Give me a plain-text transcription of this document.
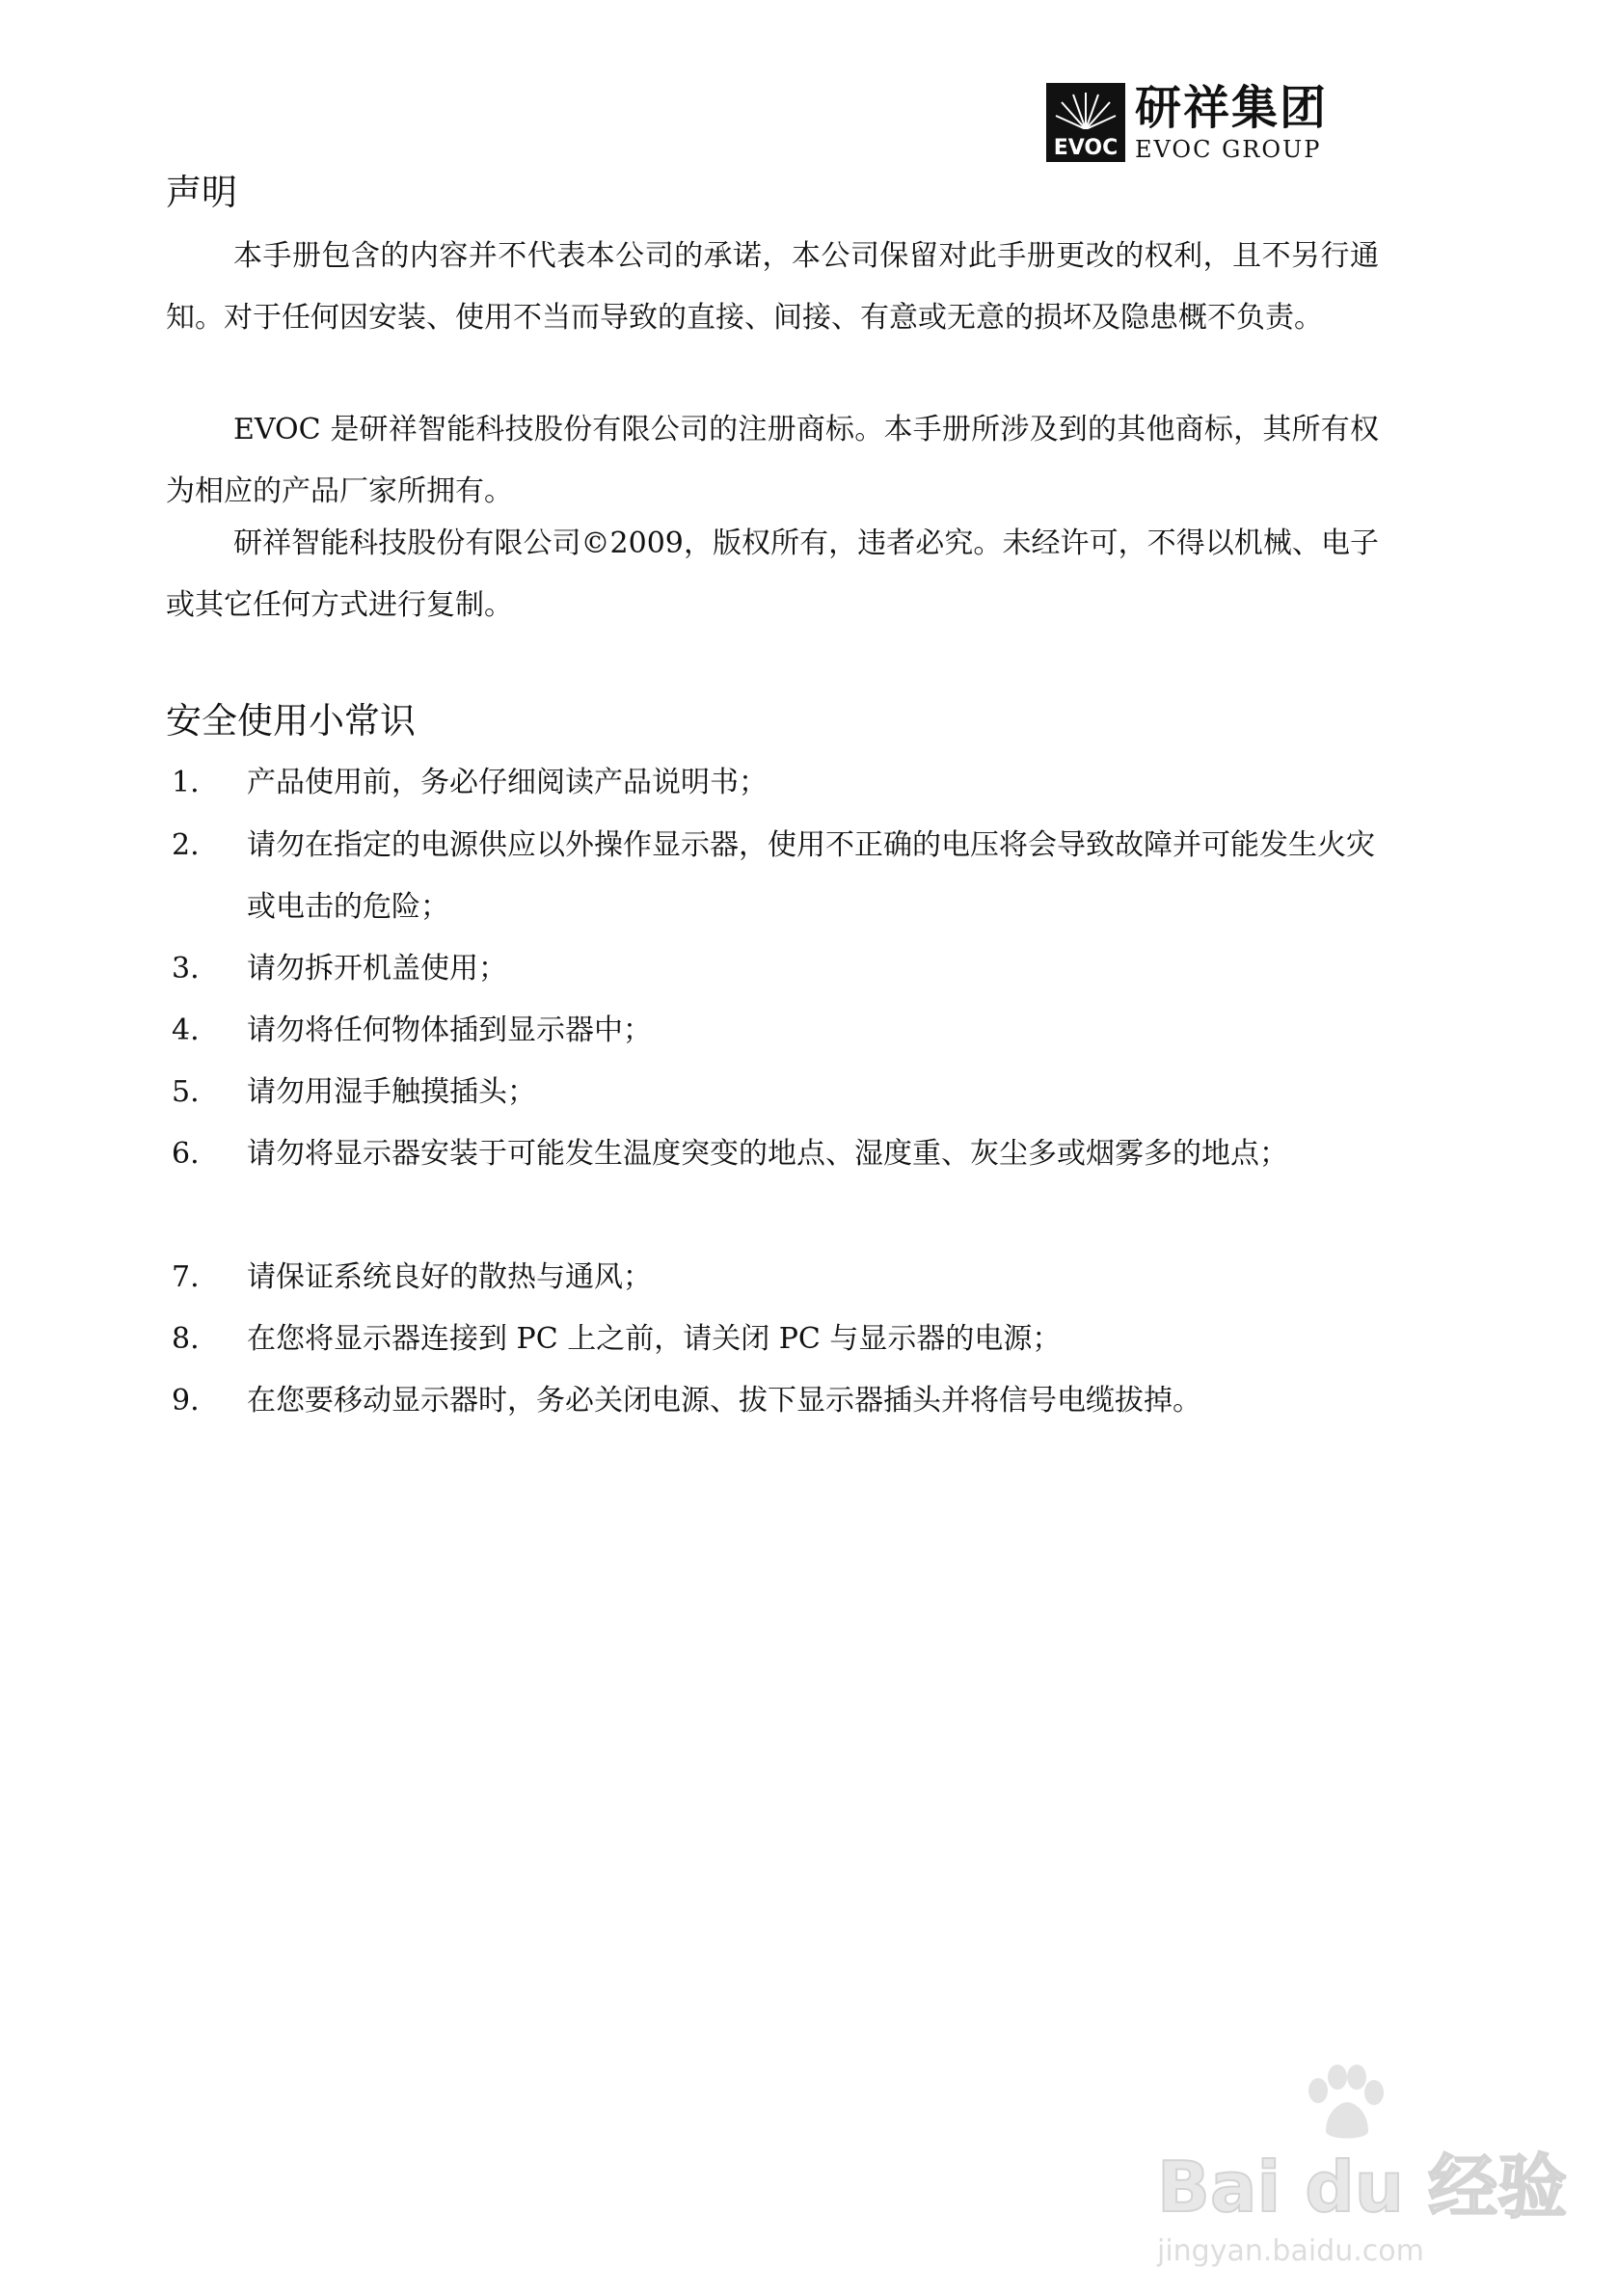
EVOC
研祥集团
EVOC GROUP
声明

本手册包含的内容并不代表本公司的承诺，本公司保留对此手册更改的权利，且不另行通知。对于任何因安装、使用不当而导致的直接、间接、有意或无意的损坏及隐患概不负责。

EVOC 是研祥智能科技股份有限公司的注册商标。本手册所涉及到的其他商标，其所有权为相应的产品厂家所拥有。

研祥智能科技股份有限公司©2009，版权所有，违者必究。未经许可，不得以机械、电子或其它任何方式进行复制。

安全使用小常识
1.	产品使用前，务必仔细阅读产品说明书；
2.	请勿在指定的电源供应以外操作显示器，使用不正确的电压将会导致故障并可能发生火灾或电击的危险；
3.	请勿拆开机盖使用；
4.	请勿将任何物体插到显示器中；
5.	请勿用湿手触摸插头；
6.	请勿将显示器安装于可能发生温度突变的地点、湿度重、灰尘多或烟雾多的地点；
7.	请保证系统良好的散热与通风；
8.	在您将显示器连接到 PC 上之前，请关闭 PC 与显示器的电源；
9.	在您要移动显示器时，务必关闭电源、拔下显示器插头并将信号电缆拔掉。
Bai du 经验
jingyan.baidu.com
